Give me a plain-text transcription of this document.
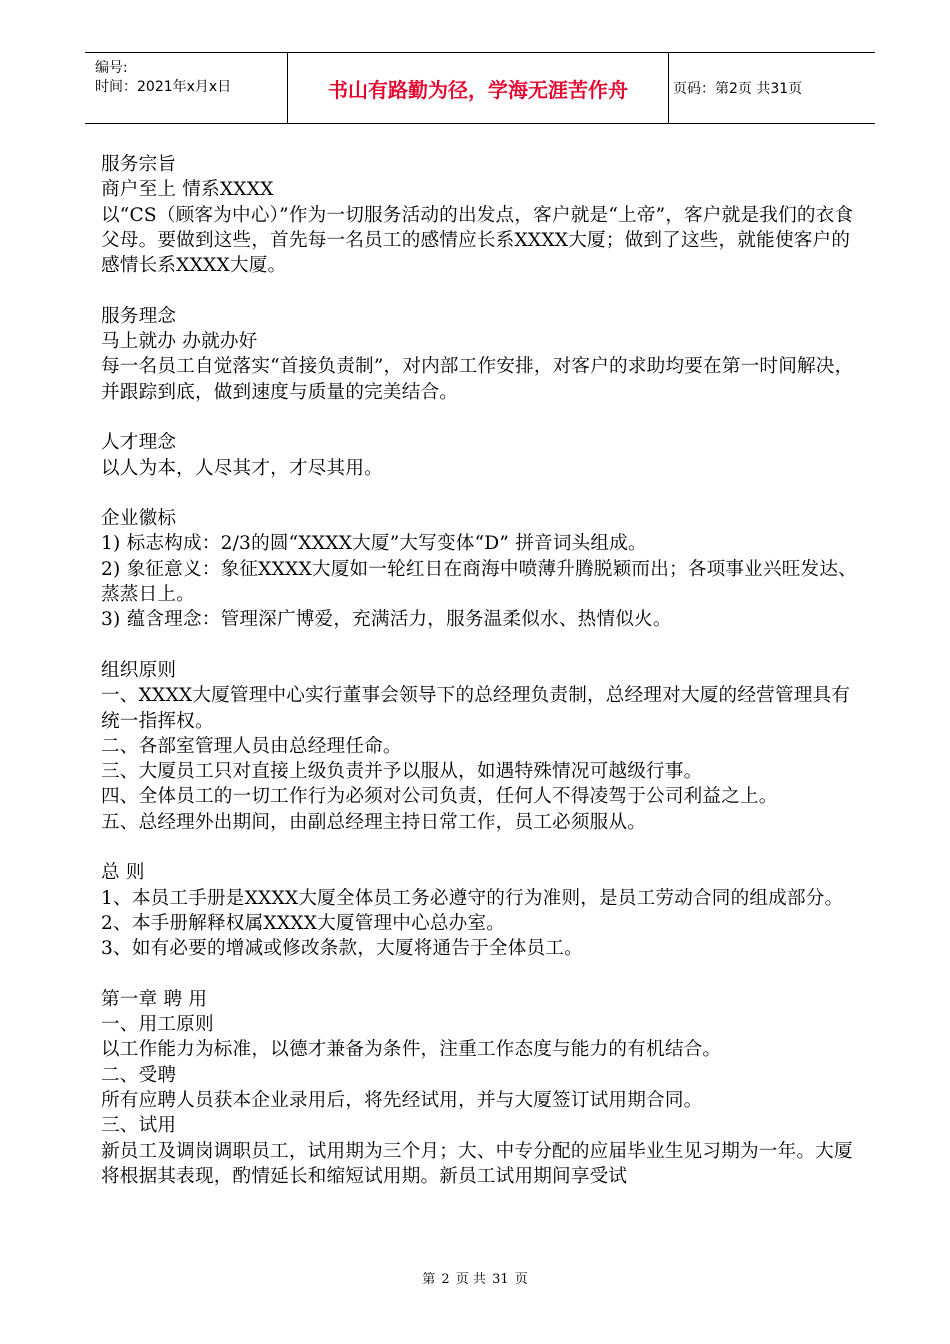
编号:
时间：2021年x月x日	书山有路勤为径，学海无涯苦作舟	页码：第2页 共31页

服务宗旨

商户至上 情系XXXX

以“CS（顾客为中心）”作为一切服务活动的出发点，客户就是“上帝”，客户就是我们的衣食父母。要做到这些，首先每一名员工的感情应长系XXXX大厦；做到了这些，就能使客户的感情长系XXXX大厦。

服务理念

马上就办 办就办好

每一名员工自觉落实“首接负责制”，对内部工作安排，对客户的求助均要在第一时间解决，并跟踪到底，做到速度与质量的完美结合。

人才理念

以人为本，人尽其才，才尽其用。

企业徽标

1) 标志构成：2/3的圆“XXXX大厦”大写变体“D” 拼音词头组成。

2) 象征意义：象征XXXX大厦如一轮红日在商海中喷薄升腾脱颖而出；各项事业兴旺发达、蒸蒸日上。

3) 蕴含理念：管理深广博爱，充满活力，服务温柔似水、热情似火。

组织原则

一、XXXX大厦管理中心实行董事会领导下的总经理负责制，总经理对大厦的经营管理具有统一指挥权。

二、各部室管理人员由总经理任命。

三、大厦员工只对直接上级负责并予以服从，如遇特殊情况可越级行事。

四、全体员工的一切工作行为必须对公司负责，任何人不得凌驾于公司利益之上。

五、总经理外出期间，由副总经理主持日常工作，员工必须服从。

总 则

1、本员工手册是XXXX大厦全体员工务必遵守的行为准则，是员工劳动合同的组成部分。

2、本手册解释权属XXXX大厦管理中心总办室。

3、如有必要的增减或修改条款，大厦将通告于全体员工。

第一章 聘 用

一、用工原则

以工作能力为标准，以德才兼备为条件，注重工作态度与能力的有机结合。

二、受聘

所有应聘人员获本企业录用后，将先经试用，并与大厦签订试用期合同。

三、试用

新员工及调岗调职员工，试用期为三个月；大、中专分配的应届毕业生见习期为一年。大厦将根据其表现，酌情延长和缩短试用期。新员工试用期间享受试

第 2 页 共 31 页
